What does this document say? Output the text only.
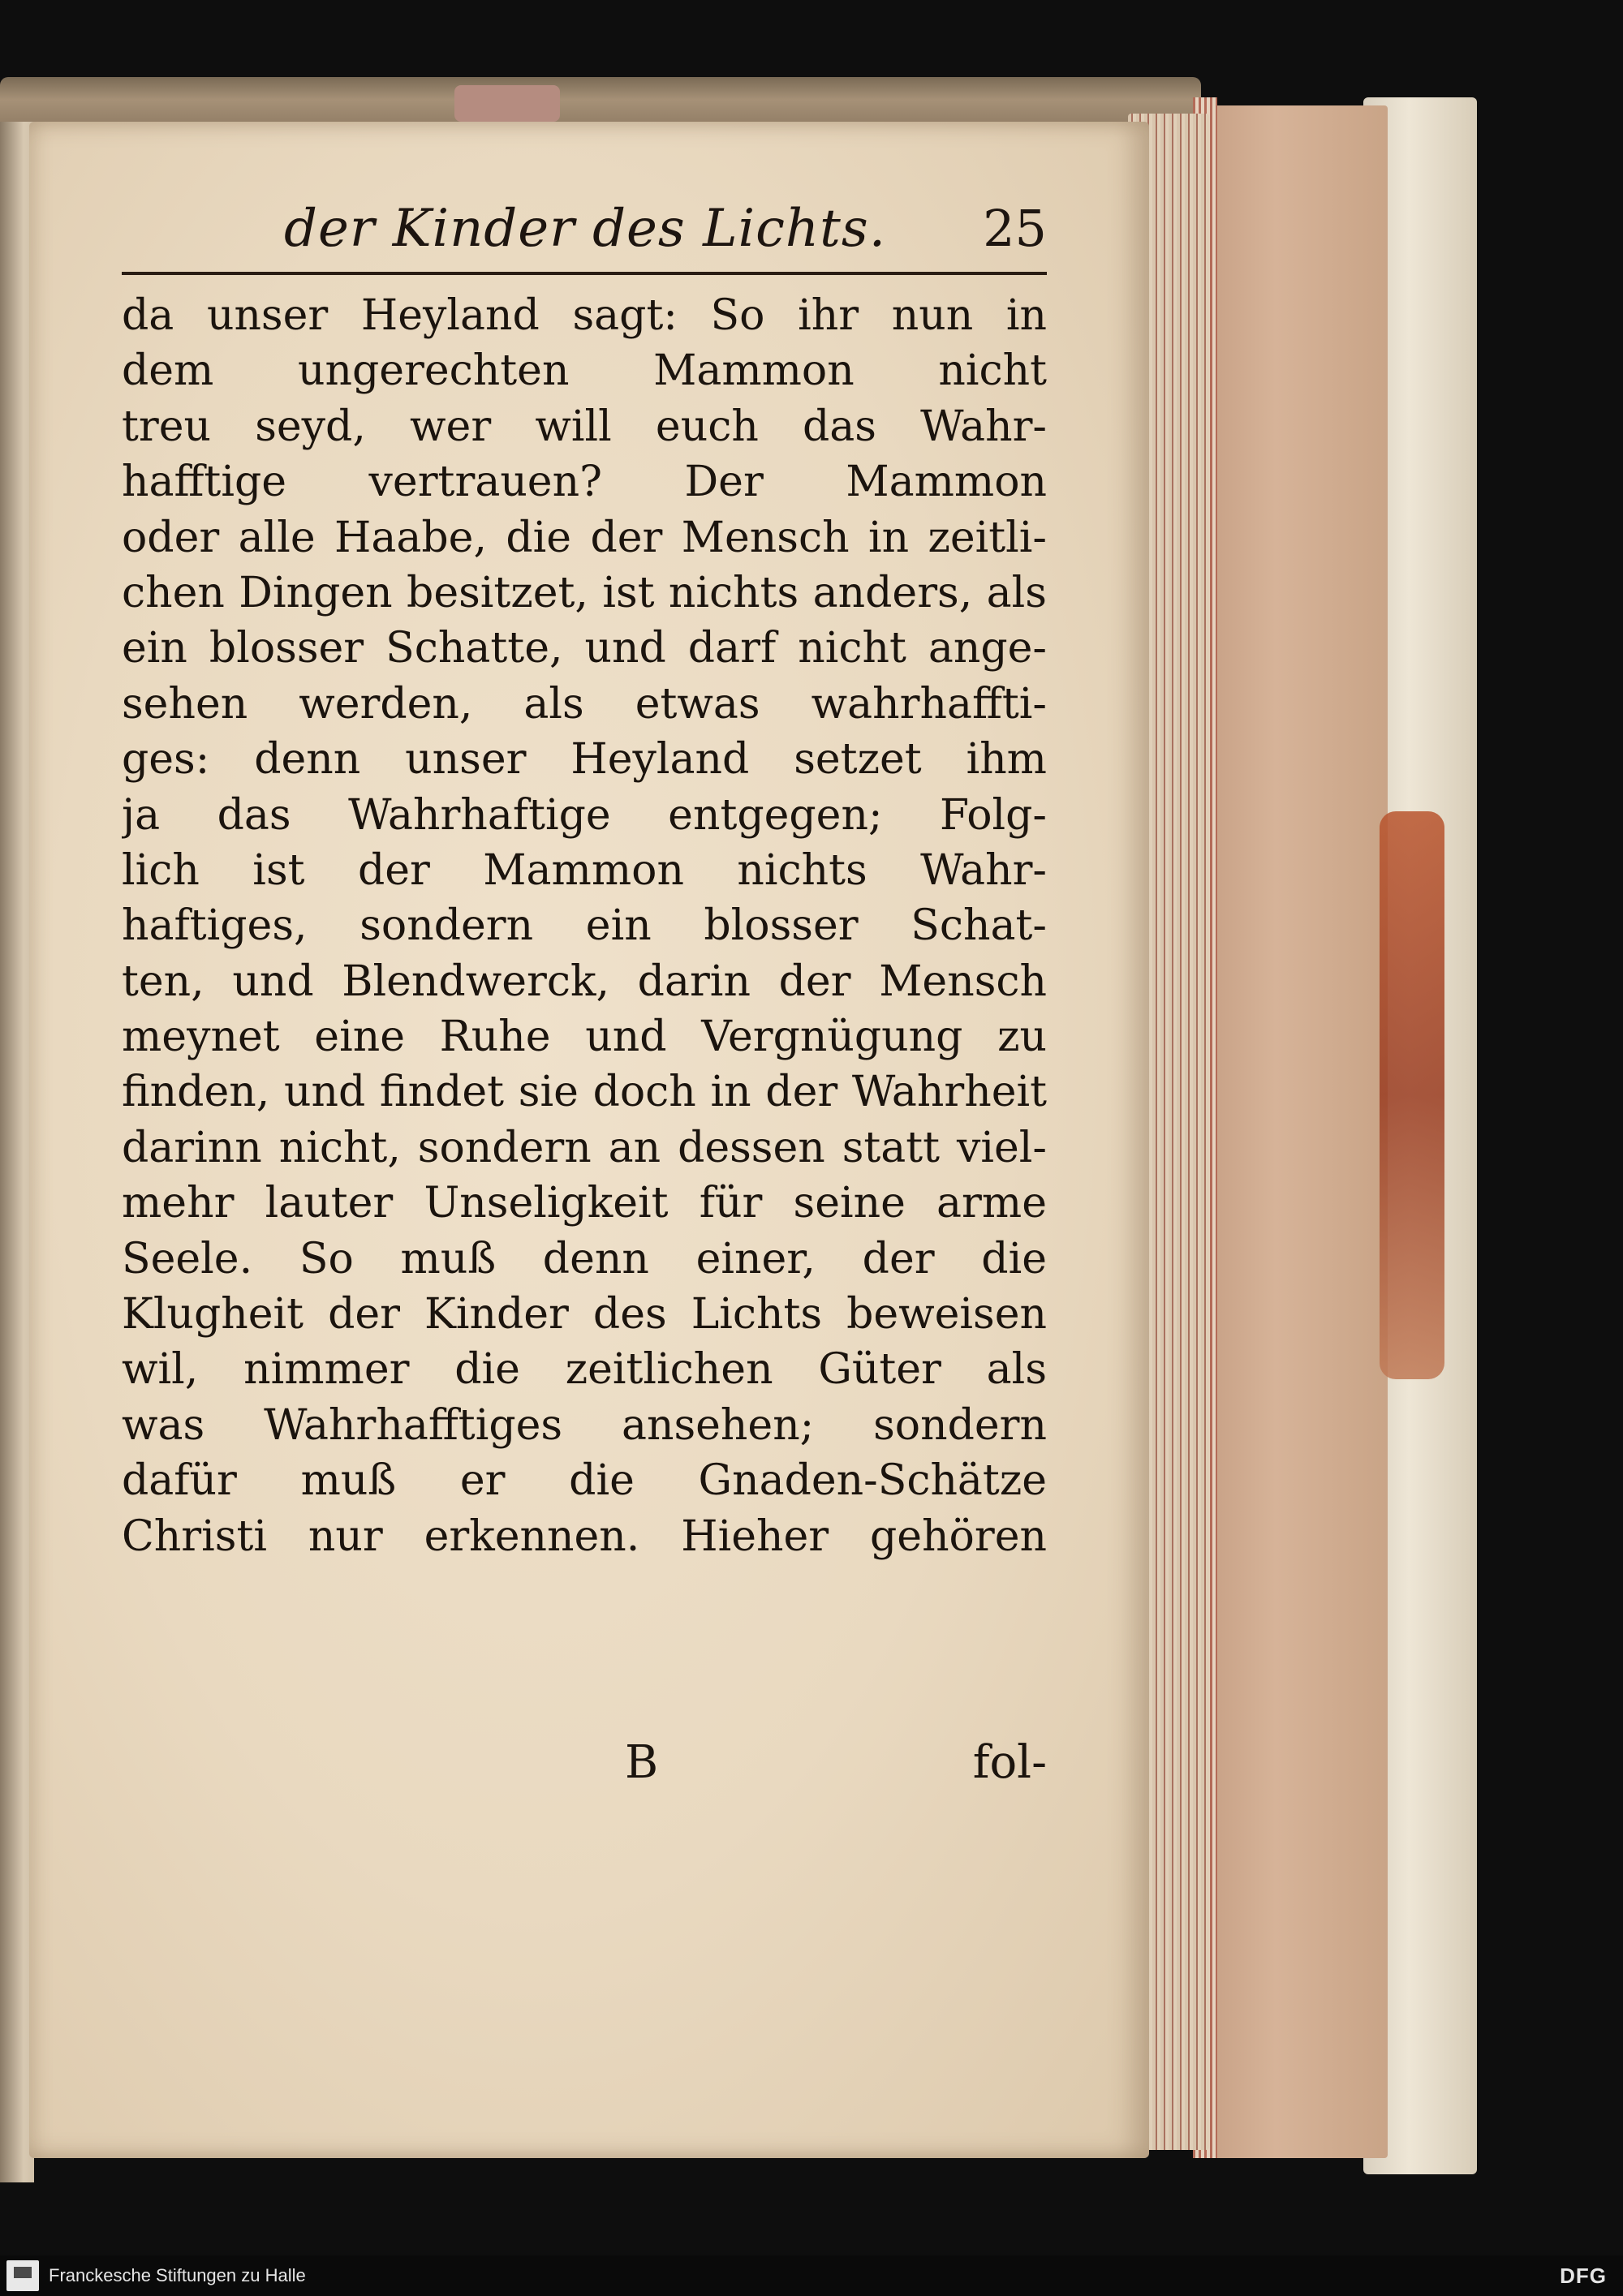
der Kinder des Lichts. 25
da unser Heyland sagt: So ihr nun in
dem ungerechten Mammon nicht
treu seyd, wer will euch das Wahr-
hafftige vertrauen? Der Mammon
oder alle Haabe, die der Mensch in zeitli-
chen Dingen besitzet, ist nichts anders, als
ein blosser Schatte, und darf nicht ange-
sehen werden, als etwas wahrhaffti-
ges: denn unser Heyland setzet ihm
ja das Wahrhaftige entgegen; Folg-
lich ist der Mammon nichts Wahr-
haftiges, sondern ein blosser Schat-
ten, und Blendwerck, darin der Mensch
meynet eine Ruhe und Vergnügung zu
finden, und findet sie doch in der Wahrheit
darinn nicht, sondern an dessen statt viel-
mehr lauter Unseligkeit für seine arme
Seele. So muß denn einer, der die
Klugheit der Kinder des Lichts beweisen
wil, nimmer die zeitlichen Güter als
was Wahrhafftiges ansehen; sondern
dafür muß er die Gnaden-Schätze
Christi nur erkennen. Hieher gehören
B	fol-
Franckesche Stiftungen zu Halle	DFG
